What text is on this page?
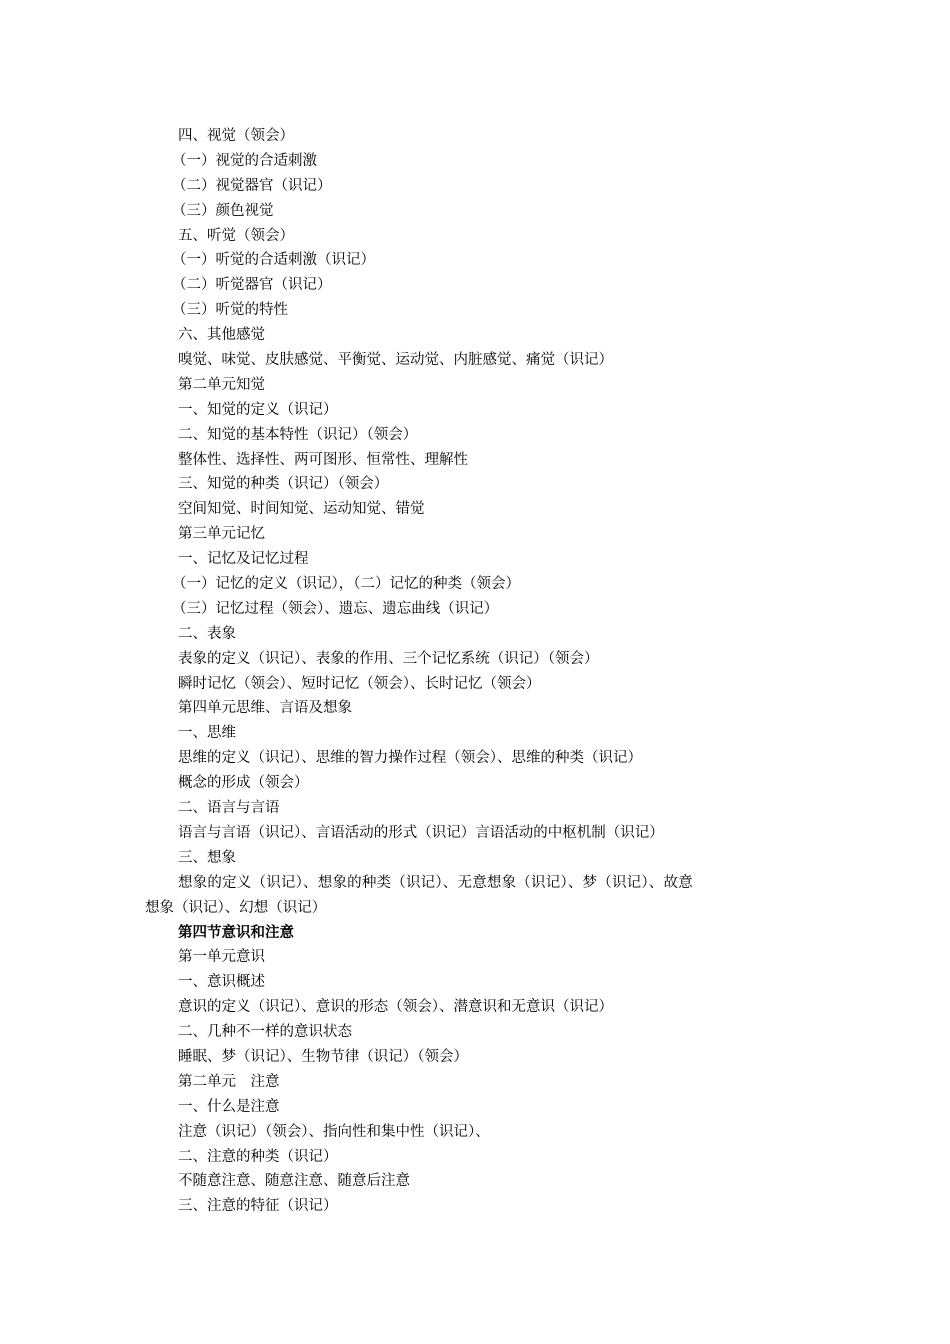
四、视觉（领会）

（一）视觉的合适刺激

（二）视觉器官（识记）

（三）颜色视觉

五、听觉（领会）

（一）听觉的合适刺激（识记）

（二）听觉器官（识记）

（三）听觉的特性

六、其他感觉

嗅觉、味觉、皮肤感觉、平衡觉、运动觉、内脏感觉、痛觉（识记）

第二单元知觉

一、知觉的定义（识记）

二、知觉的基本特性（识记）（领会）

整体性、选择性、两可图形、恒常性、理解性

三、知觉的种类（识记）（领会）

空间知觉、时间知觉、运动知觉、错觉

第三单元记忆

一、记忆及记忆过程

（一）记忆的定义（识记），（二）记忆的种类（领会）

（三）记忆过程（领会）、遗忘、遗忘曲线（识记）

二、表象

表象的定义（识记）、表象的作用、三个记忆系统（识记）（领会）

瞬时记忆（领会）、短时记忆（领会）、长时记忆（领会）

第四单元思维、言语及想象

一、思维

思维的定义（识记）、思维的智力操作过程（领会）、思维的种类（识记）

概念的形成（领会）

二、语言与言语

语言与言语（识记）、言语活动的形式（识记）言语活动的中枢机制（识记）

三、想象

想象的定义（识记）、想象的种类（识记）、无意想象（识记）、梦（识记）、故意

想象（识记）、幻想（识记）

第四节意识和注意

第一单元意识

一、意识概述

意识的定义（识记）、意识的形态（领会）、潜意识和无意识（识记）

二、几种不一样的意识状态

睡眠、梦（识记）、生物节律（识记）（领会）

第二单元　注意

一、什么是注意

注意（识记）（领会）、指向性和集中性（识记）、

二、注意的种类（识记）

不随意注意、随意注意、随意后注意

三、注意的特征（识记）
